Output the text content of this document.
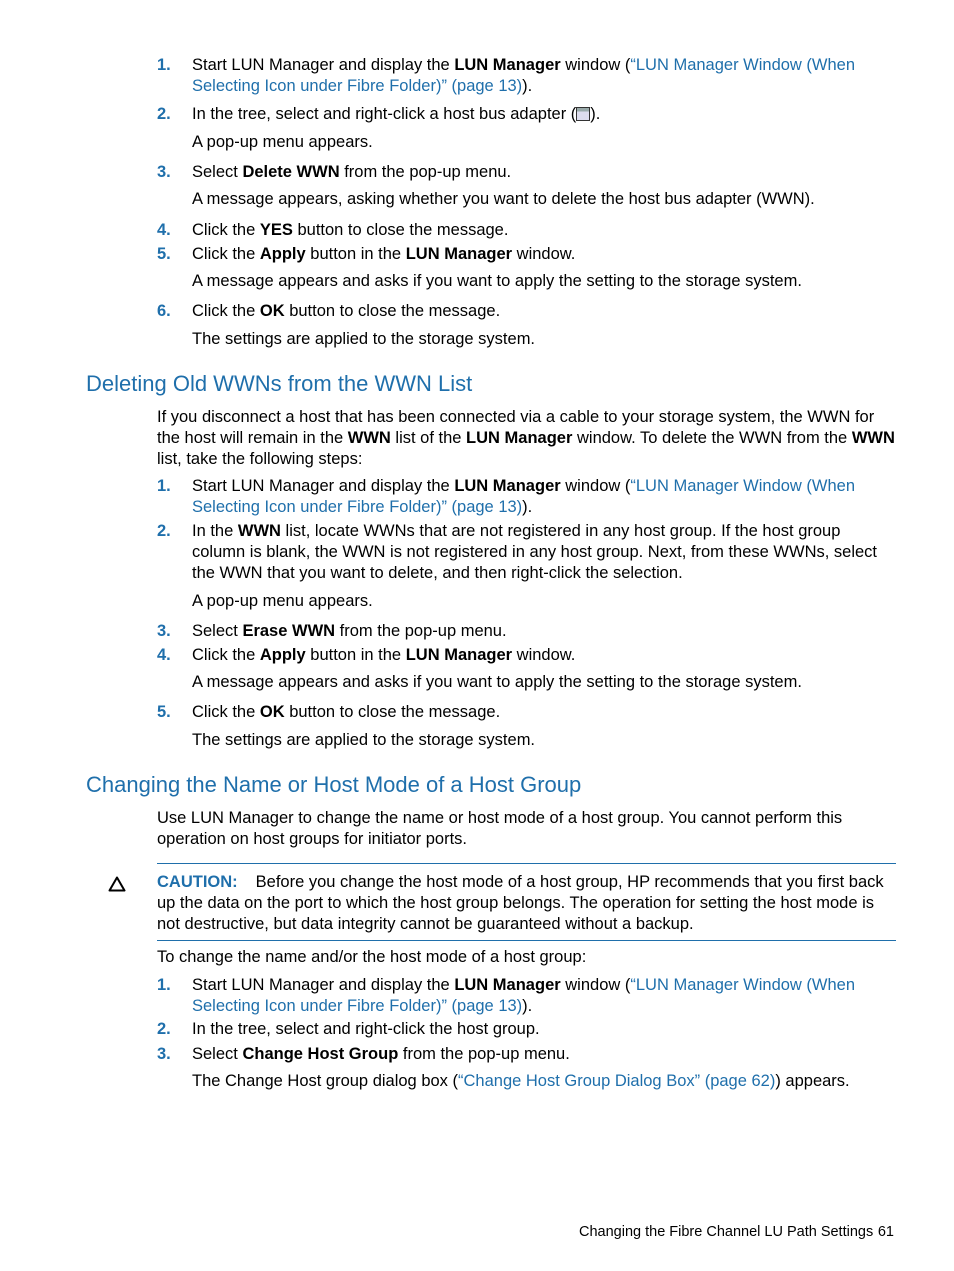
1. Start LUN Manager and display the LUN Manager window (“LUN Manager Window (When Selecting Icon under Fibre Folder)” (page 13)).
2. In the tree, select and right-click a host bus adapter ( ).
A pop-up menu appears.
3. Select Delete WWN from the pop-up menu.
A message appears, asking whether you want to delete the host bus adapter (WWN).
4. Click the YES button to close the message.
5. Click the Apply button in the LUN Manager window.
A message appears and asks if you want to apply the setting to the storage system.
6. Click the OK button to close the message.
The settings are applied to the storage system.
Deleting Old WWNs from the WWN List
If you disconnect a host that has been connected via a cable to your storage system, the WWN for the host will remain in the WWN list of the LUN Manager window. To delete the WWN from the WWN list, take the following steps:
1. Start LUN Manager and display the LUN Manager window (“LUN Manager Window (When Selecting Icon under Fibre Folder)” (page 13)).
2. In the WWN list, locate WWNs that are not registered in any host group. If the host group column is blank, the WWN is not registered in any host group. Next, from these WWNs, select the WWN that you want to delete, and then right-click the selection.
A pop-up menu appears.
3. Select Erase WWN from the pop-up menu.
4. Click the Apply button in the LUN Manager window.
A message appears and asks if you want to apply the setting to the storage system.
5. Click the OK button to close the message.
The settings are applied to the storage system.
Changing the Name or Host Mode of a Host Group
Use LUN Manager to change the name or host mode of a host group. You cannot perform this operation on host groups for initiator ports.
CAUTION: Before you change the host mode of a host group, HP recommends that you first back up the data on the port to which the host group belongs. The operation for setting the host mode is not destructive, but data integrity cannot be guaranteed without a backup.
To change the name and/or the host mode of a host group:
1. Start LUN Manager and display the LUN Manager window (“LUN Manager Window (When Selecting Icon under Fibre Folder)” (page 13)).
2. In the tree, select and right-click the host group.
3. Select Change Host Group from the pop-up menu.
The Change Host group dialog box (“Change Host Group Dialog Box” (page 62)) appears.
Changing the Fibre Channel LU Path Settings 61
